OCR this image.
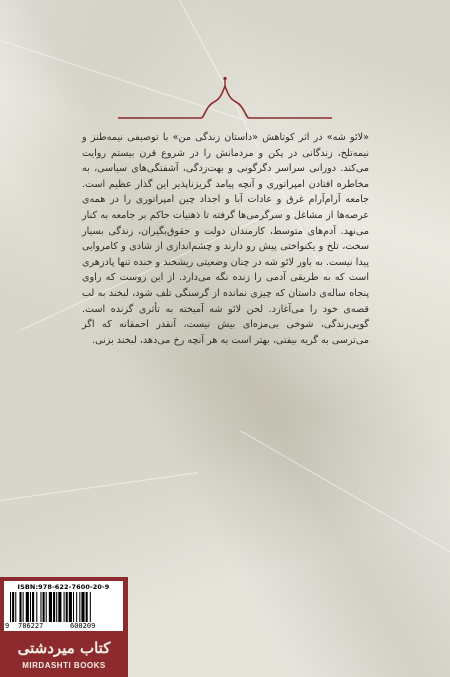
«لائو شه» در اثر کوتاهش «داستان زندگی من» با توصیفی نیمه‌طنز و نیمه‌تلخ، زندگانی در پکن و مردمانش را در شروع قرن بیستم روایت می‌کند. دورانی سراسر دگرگونی و بهت‌زدگی، آشفتگی‌های سیاسی، به مخاطره افتادن امپراتوری و آنچه پیامد گریزناپذیر این گذار عظیم است. جامعه آرام‌آرام غرق و عادات آبا و اجداد چین امپراتوری را در همه‌ی عرصه‌ها از مشاغل و سرگرمی‌ها گرفته تا ذهنیات حاکم بر جامعه به کنار می‌نهد. آدم‌های متوسط، کارمندان دولت و حقوق‌بگیران، زندگی بسیار سخت، تلخ و یکنواختی پیش رو دارند و چشم‌اندازی از شادی و کامروایی پیدا نیست. به باور لائو شه در چنان وضعیتی ریشخند و خنده تنها پادزهری است که به طریقی آدمی را زنده نگه می‌دارد. از این روست که راوی پنجاه ساله‌ی داستان که چیزی نمانده از گرسنگی تلف شود، لبخند به لب قصه‌ی خود را می‌آغازد. لحن لائو شه آمیخته به تأثری گزنده است. گویی‌زندگی، شوخی بی‌مزه‌ای بیش نیست، آنقدر احمقانه که اگر می‌ترسی به گریه بیفتی، بهتر است به هر آنچه رخ می‌دهد، لبخند بزنی.

ISBN:978-622-7600-20-9
9 786227	600209
کتاب میردشتی
MIRDASHTI BOOKS
